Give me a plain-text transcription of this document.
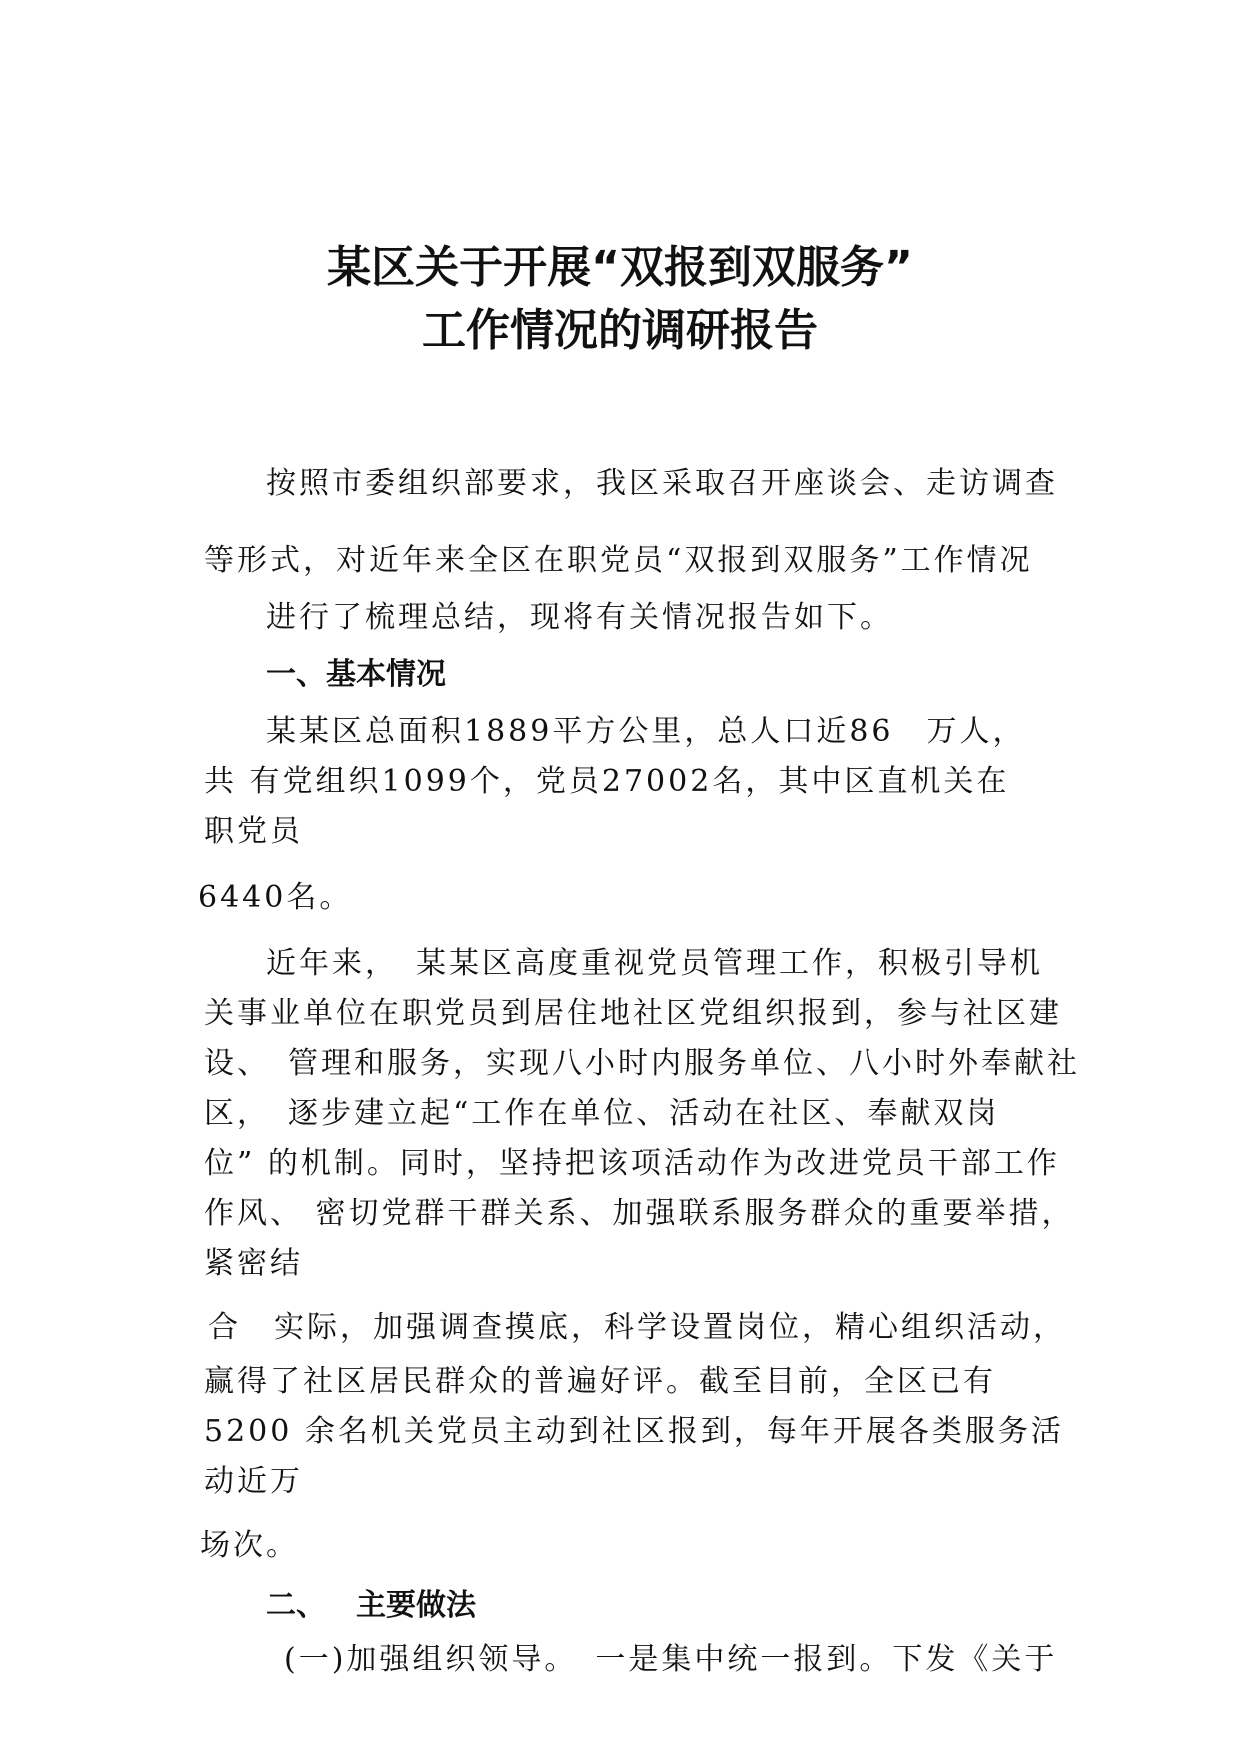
某区关于开展“双报到双服务”
工作情况的调研报告
按照市委组织部要求，我区采取召开座谈会、走访调查
等形式，对近年来全区在职党员“双报到双服务”工作情况
进行了梳理总结，现将有关情况报告如下。
一、基本情况
某某区总面积1889平方公里，总人口近86　万人，
共 有党组织1099个，党员27002名，其中区直机关在
职党员
6440名。
近年来，　某某区高度重视党员管理工作，积极引导机
关事业单位在职党员到居住地社区党组织报到，参与社区建
设、　管理和服务，实现八小时内服务单位、八小时外奉献社
区，　逐步建立起“工作在单位、活动在社区、奉献双岗
位” 的机制。同时，坚持把该项活动作为改进党员干部工作
作风、 密切党群干群关系、加强联系服务群众的重要举措，
紧密结
合　实际，加强调查摸底，科学设置岗位，精心组织活动，
赢得了社区居民群众的普遍好评。截至目前，全区已有
5200 余名机关党员主动到社区报到，每年开展各类服务活
动近万
场次。
二、 主要做法
(一)加强组织领导。　一是集中统一报到。下发《关于
